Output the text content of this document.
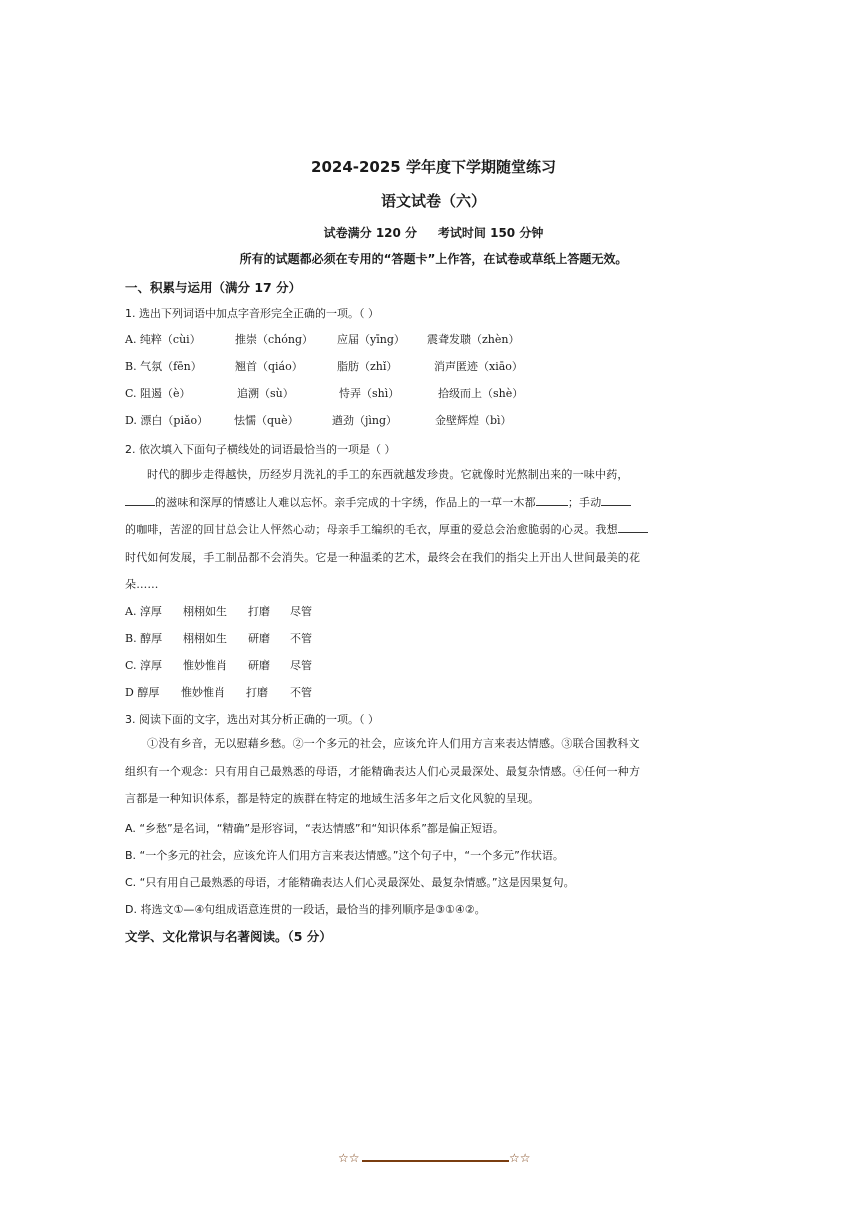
2024-2025 学年度下学期随堂练习
语文试卷（六）
试卷满分 120 分     考试时间 150 分钟
所有的试题都必须在专用的“答题卡”上作答，在试卷或草纸上答题无效。
一、积累与运用（满分 17 分）
1. 选出下列词语中加点字音形完全正确的一项。（ ）
A. 纯粹（cùi）	推崇（chóng） 应届（yīng） 震聋发聩（zhèn）
B. 气氛（fēn）	翘首（qiáo）	脂肪（zhǐ）	消声匿迹（xiāo）
C. 阻遏（è）	追溯（sù）	恃弄（shì）	拾级而上（shè）
D. 漂白（piǎo） 怯懦（què）	遒劲（jìng）	金壁辉煌（bì）
2. 依次填入下面句子横线处的词语最恰当的一项是（ ）
时代的脚步走得越快，历经岁月洗礼的手工的东西就越发珍贵。它就像时光熬制出来的一味中药，
的滋味和深厚的情感让人难以忘怀。亲手完成的十字绣，作品上的一草一木都	；手动
的咖啡，苦涩的回甘总会让人怦然心动；母亲手工编织的毛衣，厚重的爱总会治愈脆弱的心灵。我想
时代如何发展，手工制品都不会消失。它是一种温柔的艺术，最终会在我们的指尖上开出人世间最美的花
朵……
A. 淳厚 栩栩如生 打磨 尽管
B. 醇厚 栩栩如生 研磨 不管
C. 淳厚 惟妙惟肖 研磨 尽管
D 醇厚 惟妙惟肖 打磨 不管
3. 阅读下面的文字，选出对其分析正确的一项。（ ）
①没有乡音，无以慰藉乡愁。②一个多元的社会，应该允许人们用方言来表达情感。③联合国教科文
组织有一个观念：只有用自己最熟悉的母语，才能精确表达人们心灵最深处、最复杂情感。④任何一种方
言都是一种知识体系，都是特定的族群在特定的地域生活多年之后文化风貌的呈现。
A. “乡愁”是名词，“精确”是形容词，“表达情感”和“知识体系”都是偏正短语。
B. “一个多元的社会，应该允许人们用方言来表达情感。”这个句子中，“一个多元”作状语。
C. “只有用自己最熟悉的母语，才能精确表达人们心灵最深处、最复杂情感。”这是因果复句。
D. 将选文①—④句组成语意连贯的一段话，最恰当的排列顺序是③①④②。
文学、文化常识与名著阅读。（5 分）
☆☆	☆☆
